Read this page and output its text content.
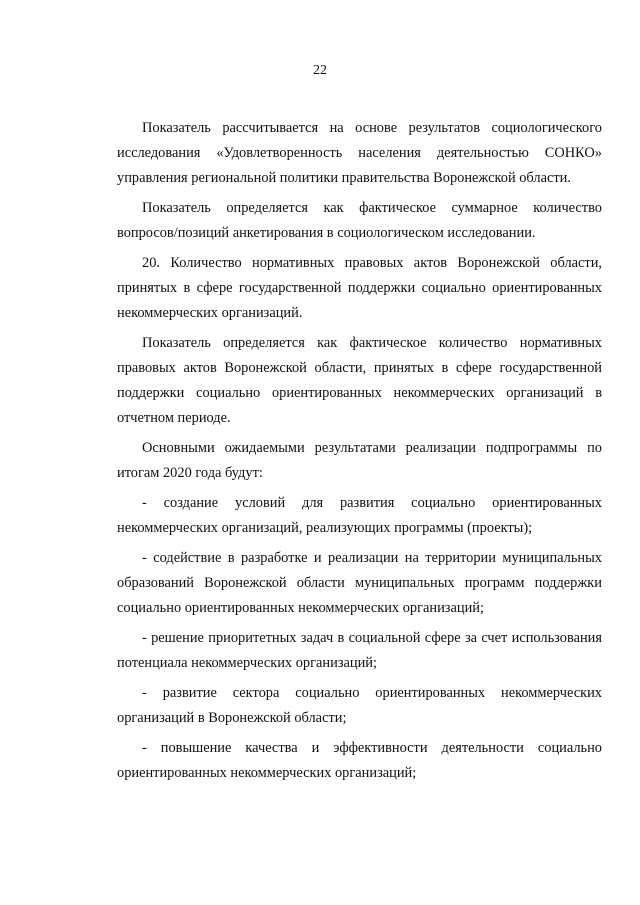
22

Показатель рассчитывается на основе результатов социологического исследования «Удовлетворенность населения деятельностью СОНКО» управления региональной политики правительства Воронежской области.

Показатель определяется как фактическое суммарное количество вопросов/позиций анкетирования в социологическом исследовании.

20. Количество нормативных правовых актов Воронежской области, принятых в сфере государственной поддержки социально ориентированных некоммерческих организаций.

Показатель определяется как фактическое количество нормативных правовых актов Воронежской области, принятых в сфере государственной поддержки социально ориентированных некоммерческих организаций в отчетном периоде.

Основными ожидаемыми результатами реализации подпрограммы по итогам 2020 года будут:

- создание условий для развития социально ориентированных некоммерческих организаций, реализующих программы (проекты);

- содействие в разработке и реализации на территории муниципальных образований Воронежской области муниципальных программ поддержки социально ориентированных некоммерческих организаций;

- решение приоритетных задач в социальной сфере за счет использования потенциала некоммерческих организаций;

- развитие сектора социально ориентированных некоммерческих организаций в Воронежской области;

- повышение качества и эффективности деятельности социально ориентированных некоммерческих организаций;
